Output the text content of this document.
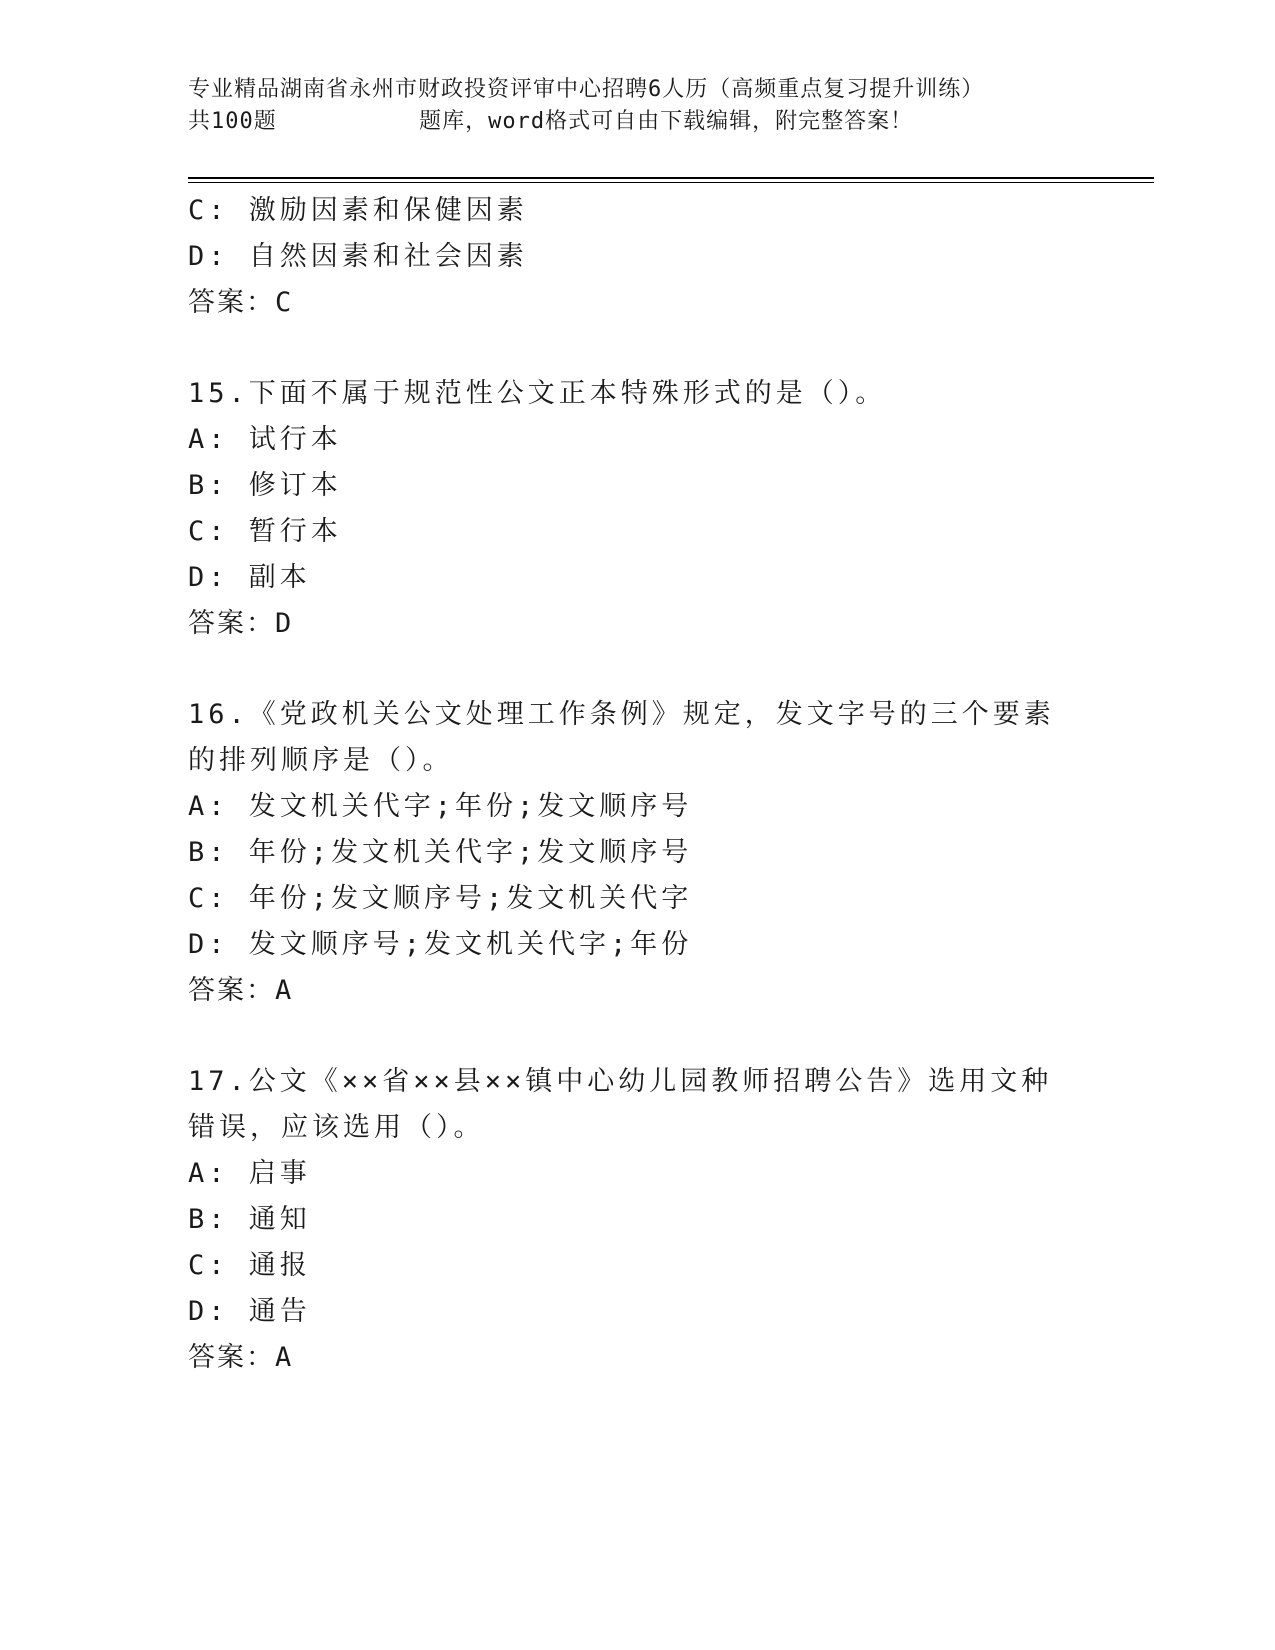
专业精品湖南省永州市财政投资评审中心招聘6人历（高频重点复习提升训练）
共100题          题库，word格式可自由下载编辑，附完整答案！
C: 激励因素和保健因素
D: 自然因素和社会因素
答案：C
15.下面不属于规范性公文正本特殊形式的是（）。
A: 试行本
B: 修订本
C: 暂行本
D: 副本
答案：D
16.《党政机关公文处理工作条例》规定，发文字号的三个要素的排列顺序是（）。
A: 发文机关代字;年份;发文顺序号
B: 年份;发文机关代字;发文顺序号
C: 年份;发文顺序号;发文机关代字
D: 发文顺序号;发文机关代字;年份
答案：A
17.公文《××省××县××镇中心幼儿园教师招聘公告》选用文种错误，应该选用（）。
A: 启事
B: 通知
C: 通报
D: 通告
答案：A
